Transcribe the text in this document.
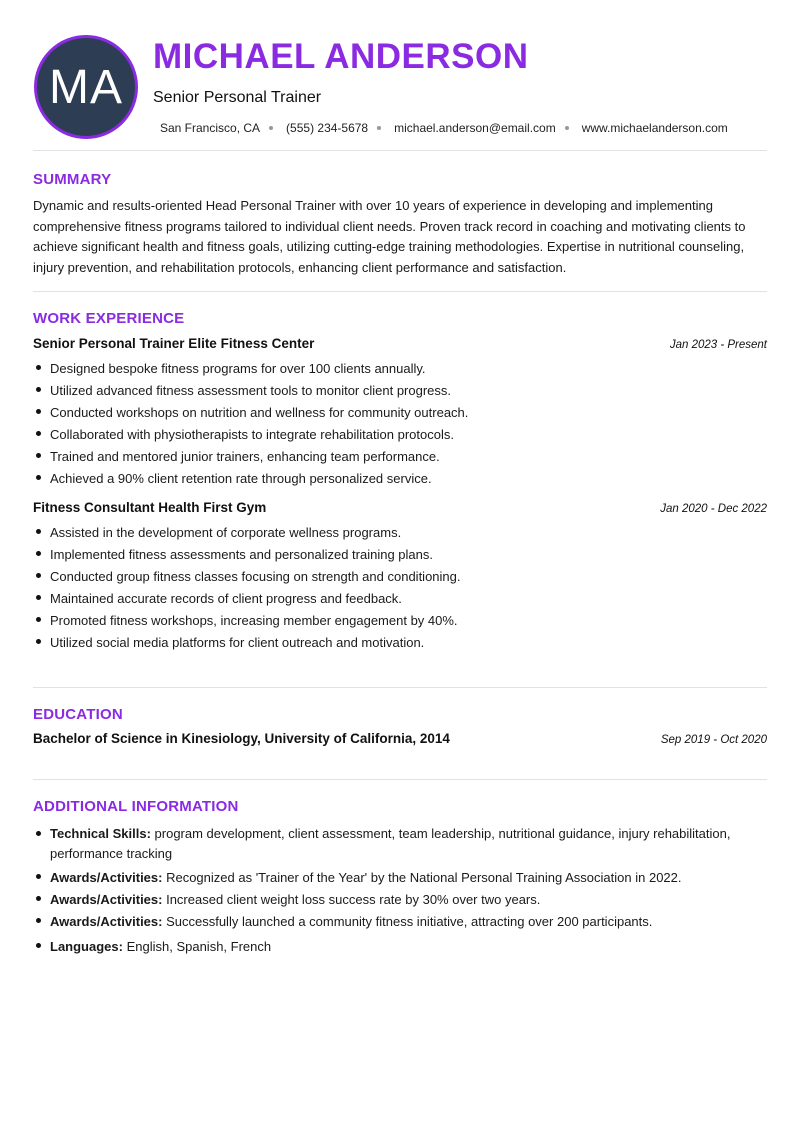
MA
MICHAEL ANDERSON
Senior Personal Trainer
San Francisco, CA (555) 234-5678 michael.anderson@email.com www.michaelanderson.com
SUMMARY
Dynamic and results-oriented Head Personal Trainer with over 10 years of experience in developing and implementing comprehensive fitness programs tailored to individual client needs. Proven track record in coaching and motivating clients to achieve significant health and fitness goals, utilizing cutting-edge training methodologies. Expertise in nutritional counseling, injury prevention, and rehabilitation protocols, enhancing client performance and satisfaction.
WORK EXPERIENCE
Senior Personal Trainer Elite Fitness Center	Jan 2023 - Present
Designed bespoke fitness programs for over 100 clients annually.
Utilized advanced fitness assessment tools to monitor client progress.
Conducted workshops on nutrition and wellness for community outreach.
Collaborated with physiotherapists to integrate rehabilitation protocols.
Trained and mentored junior trainers, enhancing team performance.
Achieved a 90% client retention rate through personalized service.
Fitness Consultant Health First Gym	Jan 2020 - Dec 2022
Assisted in the development of corporate wellness programs.
Implemented fitness assessments and personalized training plans.
Conducted group fitness classes focusing on strength and conditioning.
Maintained accurate records of client progress and feedback.
Promoted fitness workshops, increasing member engagement by 40%.
Utilized social media platforms for client outreach and motivation.
EDUCATION
Bachelor of Science in Kinesiology, University of California, 2014	Sep 2019 - Oct 2020
ADDITIONAL INFORMATION
Technical Skills: program development, client assessment, team leadership, nutritional guidance, injury rehabilitation, performance tracking
Awards/Activities: Recognized as 'Trainer of the Year' by the National Personal Training Association in 2022.
Awards/Activities: Increased client weight loss success rate by 30% over two years.
Awards/Activities: Successfully launched a community fitness initiative, attracting over 200 participants.
Languages: English, Spanish, French
